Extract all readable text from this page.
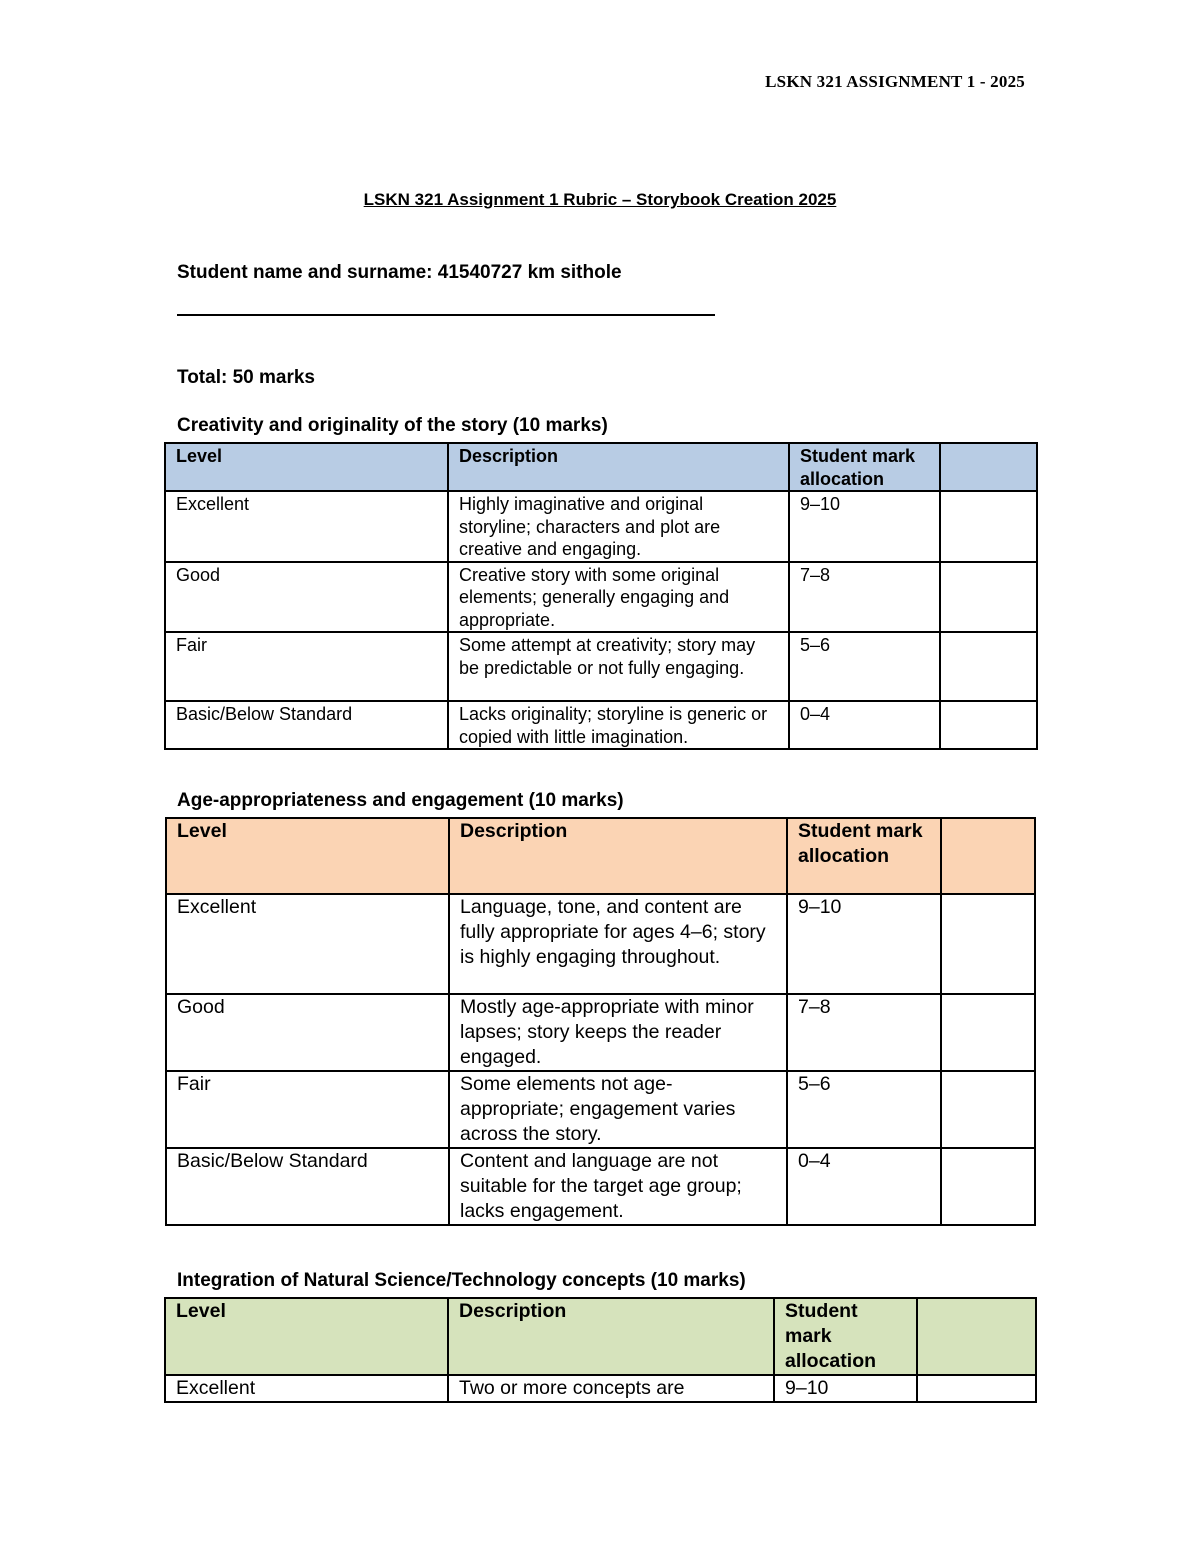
LSKN 321 ASSIGNMENT 1 - 2025
LSKN 321 Assignment 1 Rubric – Storybook Creation 2025
Student name and surname: 41540727 km sithole
Total: 50 marks
Creativity and originality of the story (10 marks)
Level	Description	Student mark allocation	
Excellent	Highly imaginative and original storyline; characters and plot are creative and engaging.	9–10	
Good	Creative story with some original elements; generally engaging and appropriate.	7–8	
Fair	Some attempt at creativity; story may be predictable or not fully engaging.	5–6	
Basic/Below Standard	Lacks originality; storyline is generic or copied with little imagination.	0–4	
Age-appropriateness and engagement (10 marks)
Level	Description	Student mark allocation	
Excellent	Language, tone, and content are fully appropriate for ages 4–6; story is highly engaging throughout.	9–10	
Good	Mostly age-appropriate with minor lapses; story keeps the reader engaged.	7–8	
Fair	Some elements not age-appropriate; engagement varies across the story.	5–6	
Basic/Below Standard	Content and language are not suitable for the target age group; lacks engagement.	0–4	
Integration of Natural Science/Technology concepts (10 marks)
Level	Description	Student mark allocation	
Excellent	Two or more concepts are	9–10	
